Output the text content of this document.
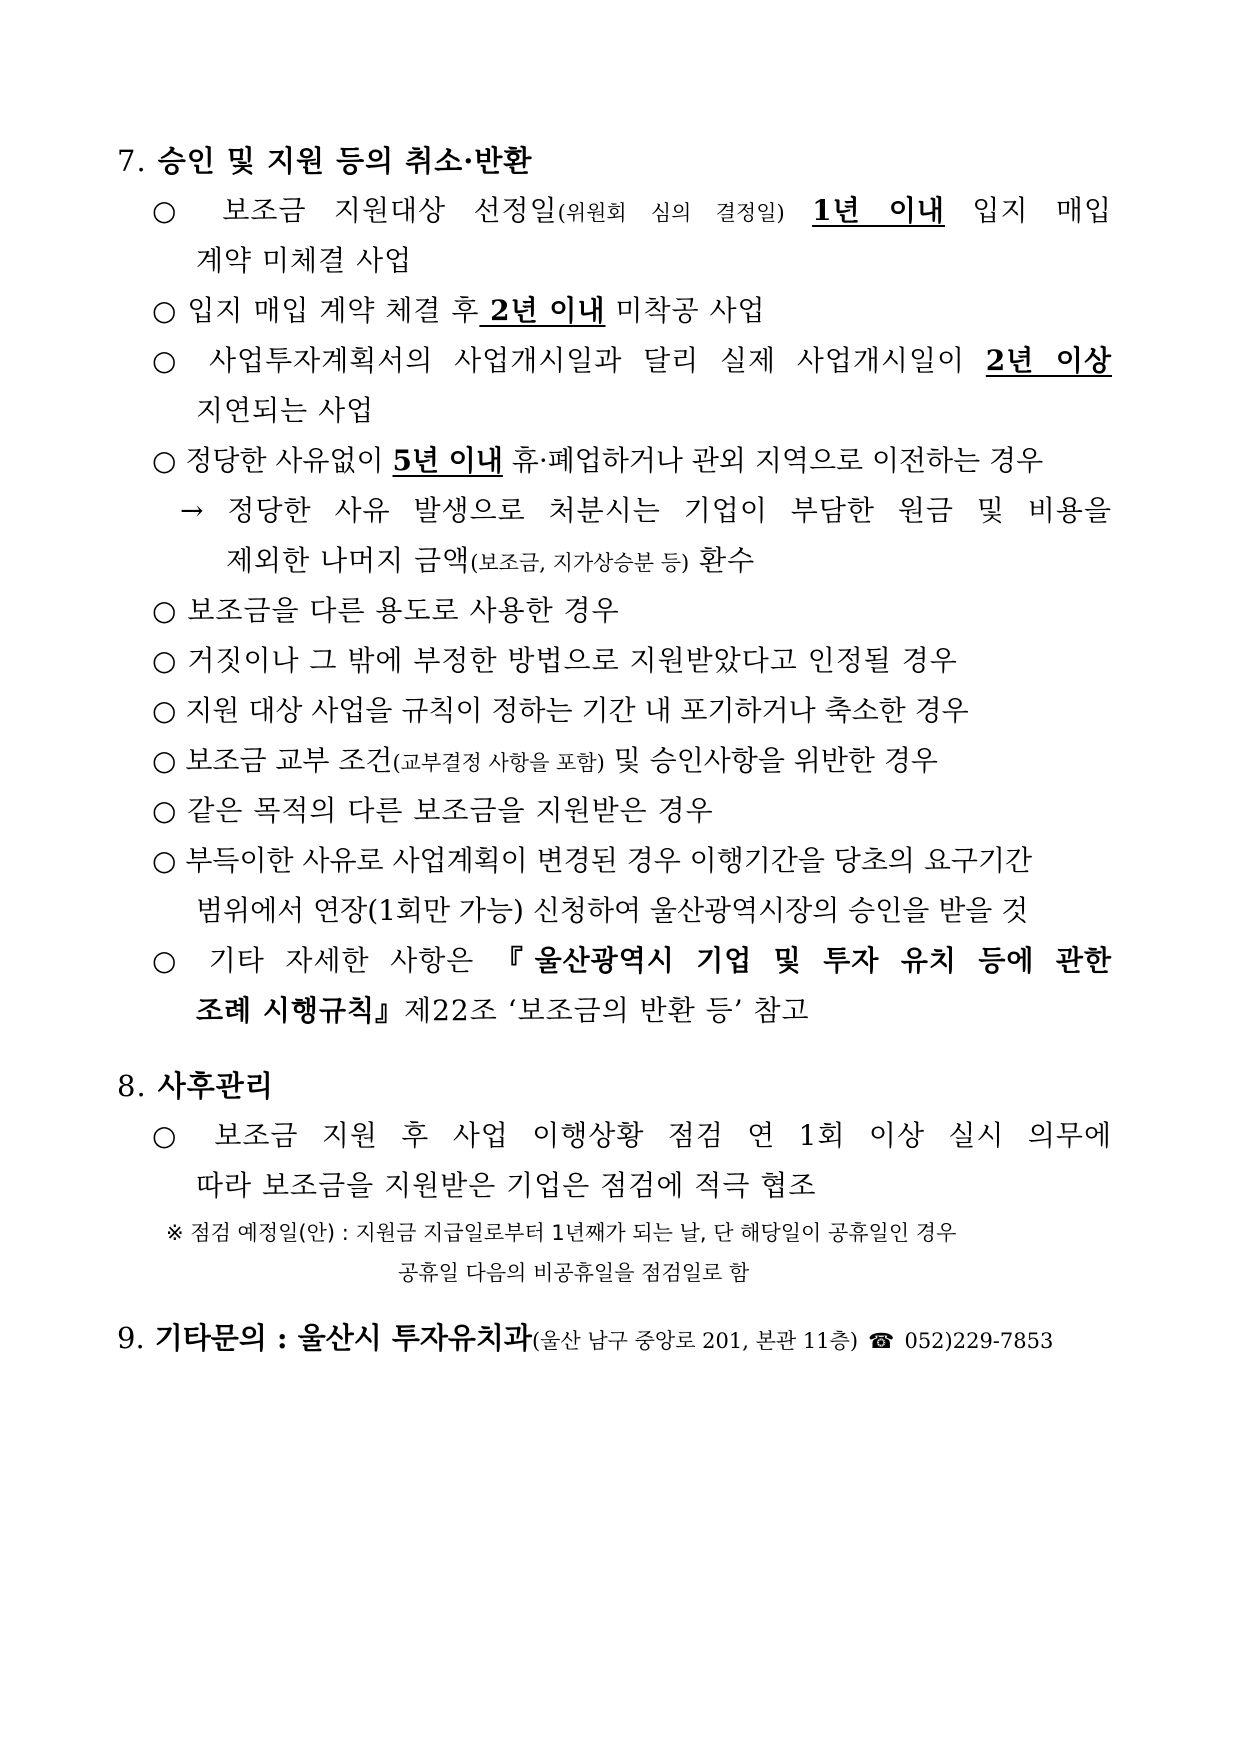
7. 승인 및 지원 등의 취소·반환
○ 보조금 지원대상 선정일(위원회 심의 결정일) 1년 이내 입지 매입
계약 미체결 사업
○ 입지 매입 계약 체결 후 2년 이내 미착공 사업
○ 사업투자계획서의 사업개시일과 달리 실제 사업개시일이 2년 이상
지연되는 사업
○ 정당한 사유없이 5년 이내 휴·폐업하거나 관외 지역으로 이전하는 경우
→ 정당한 사유 발생으로 처분시는 기업이 부담한 원금 및 비용을
제외한 나머지 금액(보조금, 지가상승분 등) 환수
○ 보조금을 다른 용도로 사용한 경우
○ 거짓이나 그 밖에 부정한 방법으로 지원받았다고 인정될 경우
○ 지원 대상 사업을 규칙이 정하는 기간 내 포기하거나 축소한 경우
○ 보조금 교부 조건(교부결정 사항을 포함) 및 승인사항을 위반한 경우
○ 같은 목적의 다른 보조금을 지원받은 경우
○ 부득이한 사유로 사업계획이 변경된 경우 이행기간을 당초의 요구기간
범위에서 연장(1회만 가능) 신청하여 울산광역시장의 승인을 받을 것
○ 기타 자세한 사항은 『울산광역시 기업 및 투자 유치 등에 관한
조례 시행규칙』제22조 ‘보조금의 반환 등’ 참고
8. 사후관리
○ 보조금 지원 후 사업 이행상황 점검 연 1회 이상 실시 의무에
따라 보조금을 지원받은 기업은 점검에 적극 협조
※ 점검 예정일(안) : 지원금 지급일로부터 1년째가 되는 날, 단 해당일이 공휴일인 경우
공휴일 다음의 비공휴일을 점검일로 함
9. 기타문의 : 울산시 투자유치과(울산 남구 중앙로 201, 본관 11층) ☎ 052)229-7853
